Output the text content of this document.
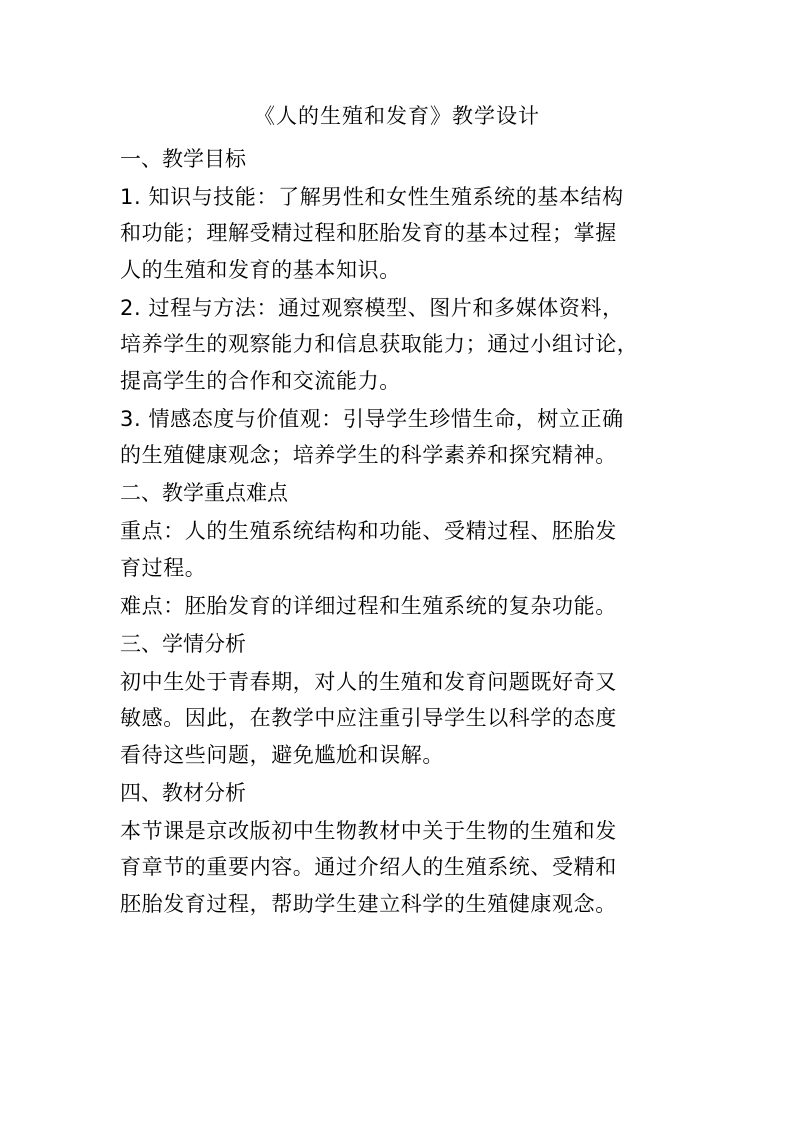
《人的生殖和发育》教学设计
一、教学目标
1. 知识与技能：了解男性和女性生殖系统的基本结构
和功能；理解受精过程和胚胎发育的基本过程；掌握
人的生殖和发育的基本知识。
2. 过程与方法：通过观察模型、图片和多媒体资料，
培养学生的观察能力和信息获取能力；通过小组讨论，
提高学生的合作和交流能力。
3. 情感态度与价值观：引导学生珍惜生命，树立正确
的生殖健康观念；培养学生的科学素养和探究精神。
二、教学重点难点
重点：人的生殖系统结构和功能、受精过程、胚胎发
育过程。
难点：胚胎发育的详细过程和生殖系统的复杂功能。
三、学情分析
初中生处于青春期，对人的生殖和发育问题既好奇又
敏感。因此，在教学中应注重引导学生以科学的态度
看待这些问题，避免尴尬和误解。
四、教材分析
本节课是京改版初中生物教材中关于生物的生殖和发
育章节的重要内容。通过介绍人的生殖系统、受精和
胚胎发育过程，帮助学生建立科学的生殖健康观念。
